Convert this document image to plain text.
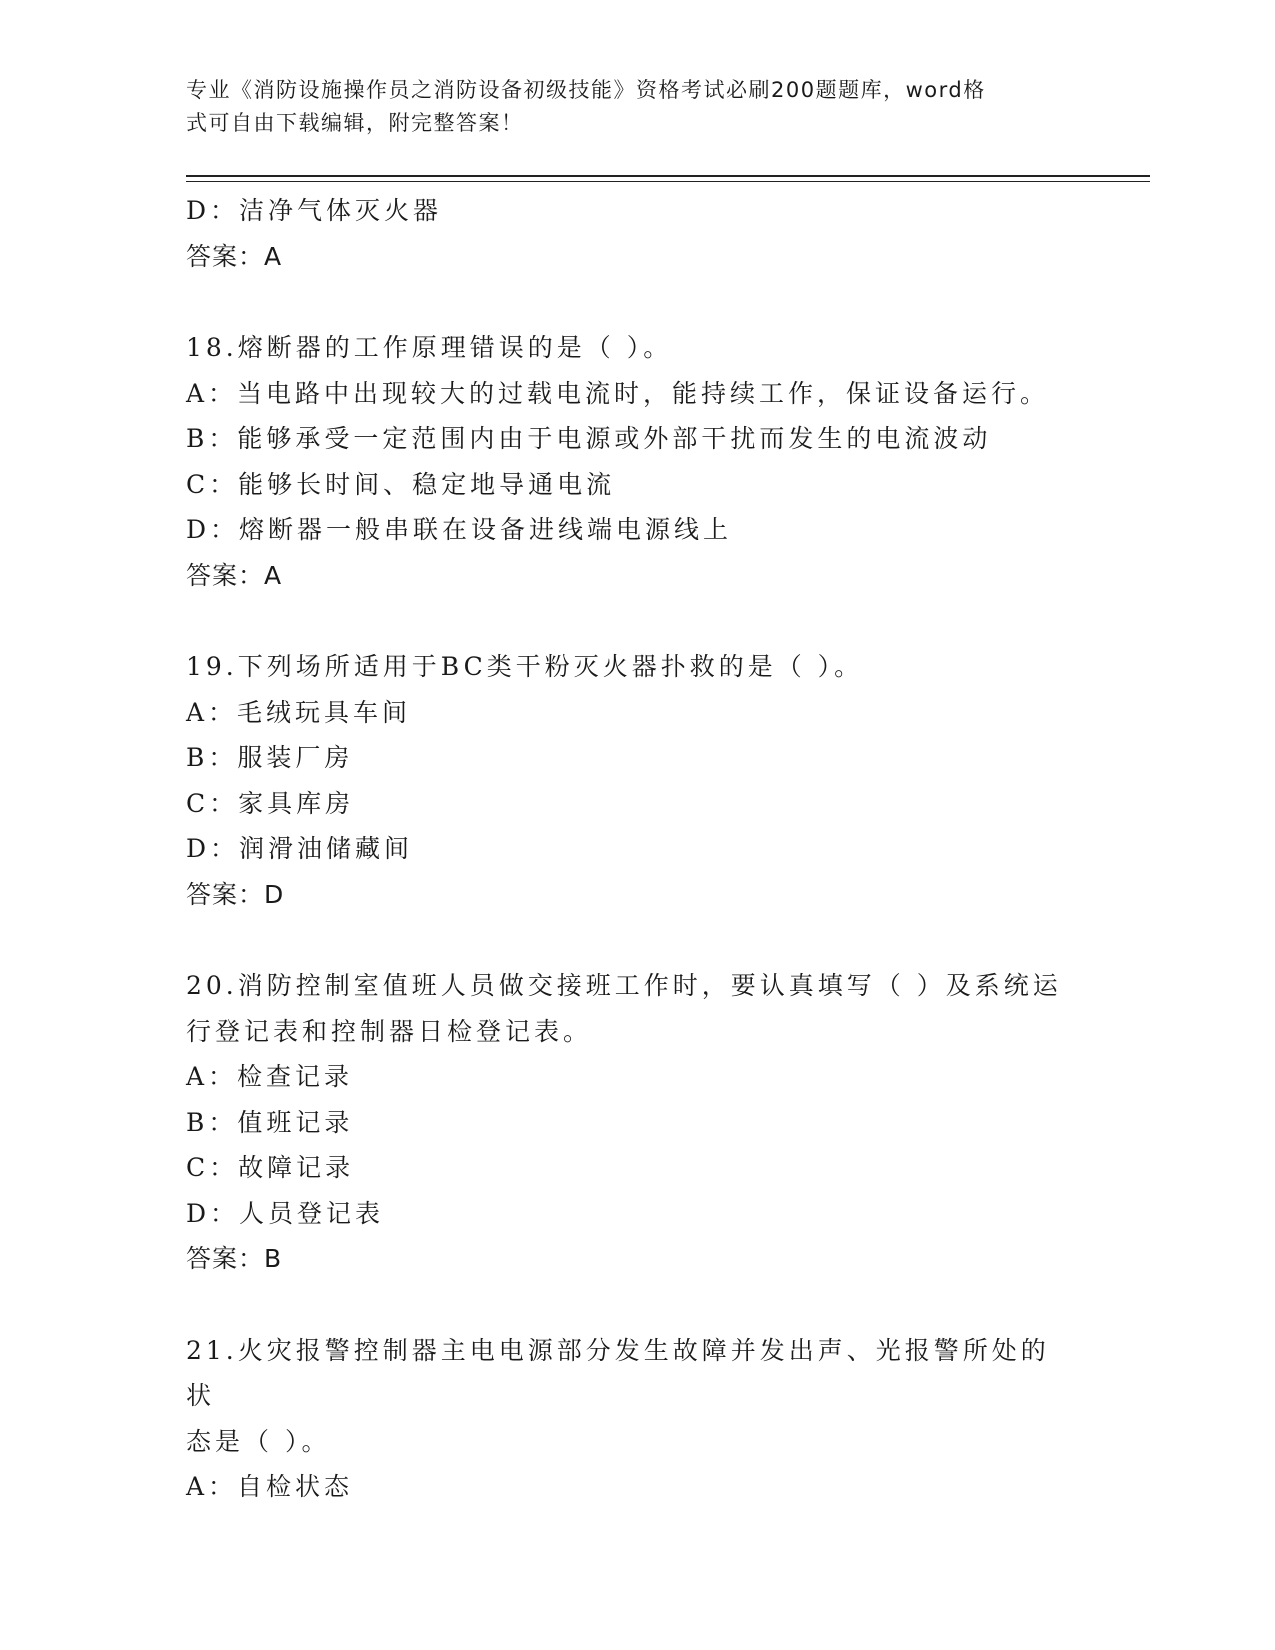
专业《消防设施操作员之消防设备初级技能》资格考试必刷200题题库，word格
式可自由下载编辑，附完整答案！
D：洁净气体灭火器
答案：A
18.熔断器的工作原理错误的是（ ）。
A：当电路中出现较大的过载电流时，能持续工作，保证设备运行。
B：能够承受一定范围内由于电源或外部干扰而发生的电流波动
C：能够长时间、稳定地导通电流
D：熔断器一般串联在设备进线端电源线上
答案：A
19.下列场所适用于BC类干粉灭火器扑救的是（ ）。
A：毛绒玩具车间
B：服装厂房
C：家具库房
D：润滑油储藏间
答案：D
20.消防控制室值班人员做交接班工作时，要认真填写（ ）及系统运
行登记表和控制器日检登记表。
A：检查记录
B：值班记录
C：故障记录
D：人员登记表
答案：B
21.火灾报警控制器主电电源部分发生故障并发出声、光报警所处的状
态是（ ）。
A：自检状态
